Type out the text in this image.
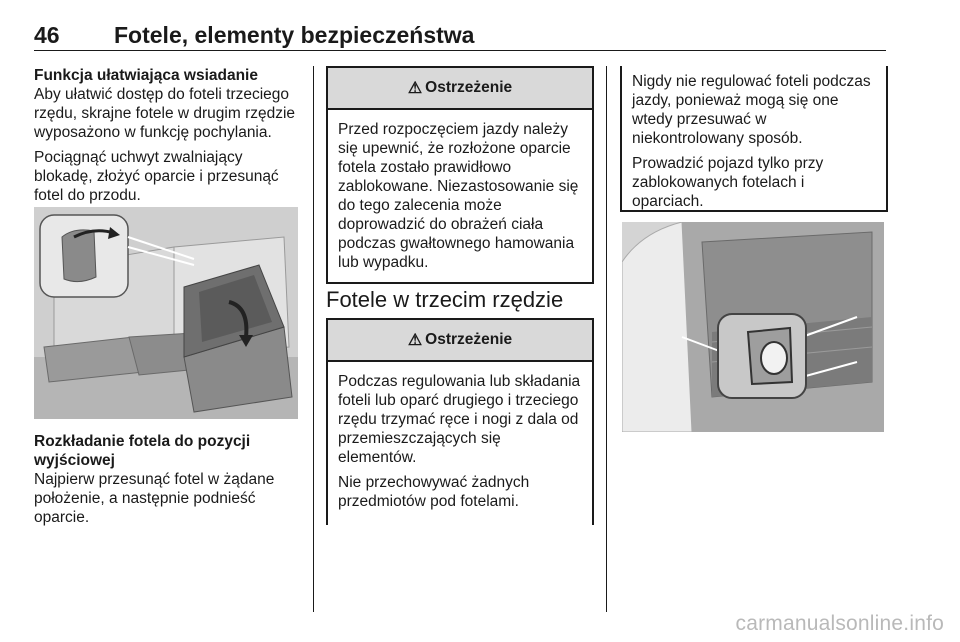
46 Fotele, elementy bezpieczeństwa

Funkcja ułatwiająca wsiadanie

Aby ułatwić dostęp do foteli trzeciego rzędu, skrajne fotele w drugim rzędzie wyposażono w funkcję pochylania.

Pociągnąć uchwyt zwalniający blokadę, złożyć oparcie i przesunąć fotel do przodu.

Rozkładanie fotela do pozycji wyjściowej

Najpierw przesunąć fotel w żądane położenie, a następnie podnieść oparcie.

⚠ Ostrzeżenie

Przed rozpoczęciem jazdy należy się upewnić, że rozłożone oparcie fotela zostało prawidłowo zablokowane. Niezastosowanie się do tego zalecenia może doprowadzić do obrażeń ciała podczas gwałtownego hamowania lub wypadku.

Fotele w trzecim rzędzie
⚠ Ostrzeżenie

Podczas regulowania lub składania foteli lub oparć drugiego i trzeciego rzędu trzymać ręce i nogi z dala od przemieszczających się elementów.

Nie przechowywać żadnych przedmiotów pod fotelami.

Nigdy nie regulować foteli podczas jazdy, ponieważ mogą się one wtedy przesuwać w niekontrolowany sposób.

Prowadzić pojazd tylko przy zablokowanych fotelach i oparciach.

carmanualsonline.info
